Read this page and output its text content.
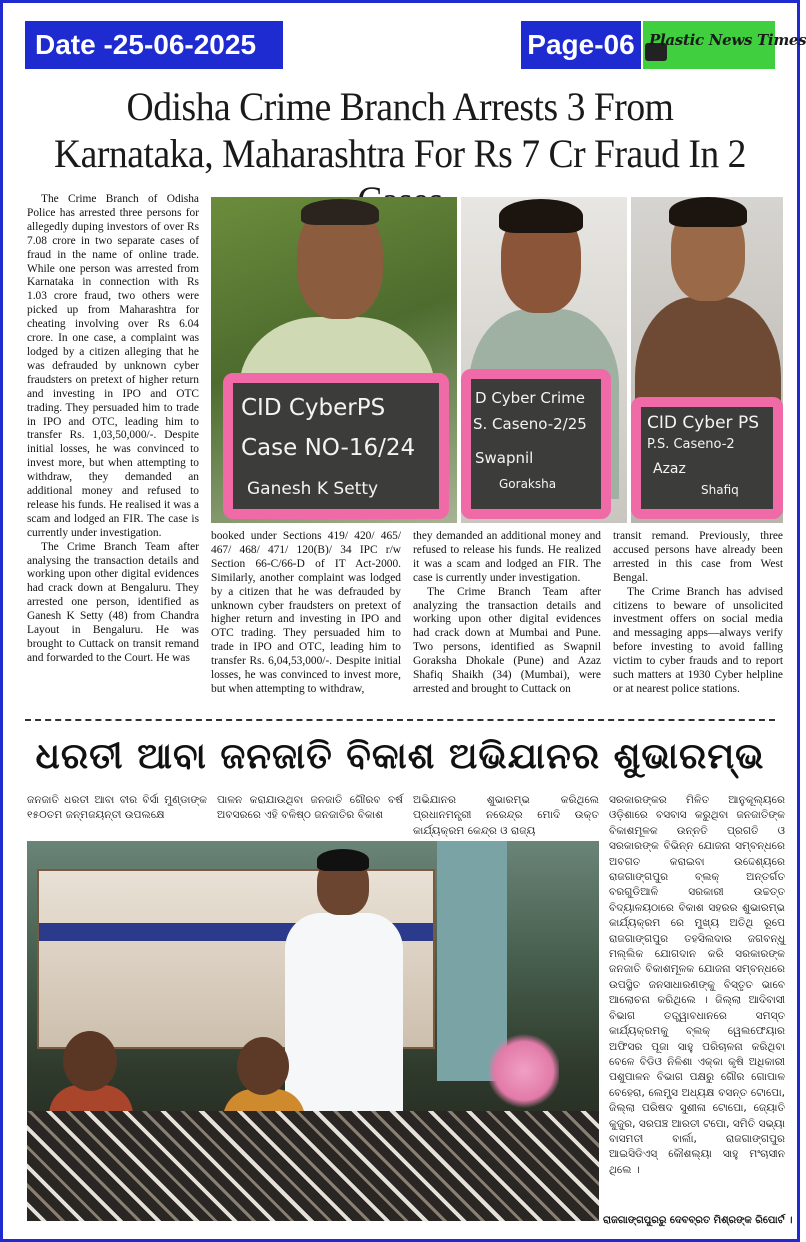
Date -25-06-2025	Page-06 Plastic News Times
Odisha Crime Branch Arrests 3 From Karnataka, Maharashtra For Rs 7 Cr Fraud In 2

The Crime Branch of Odisha Police has arrested three persons for allegedly duping investors of over Rs 7.08 crore in two separate cases of fraud in the name of online trade. While one person was arrested from Karnataka in connection with Rs 1.03 crore fraud, two others were picked up from Maharashtra for cheating involving over Rs 6.04 crore. In one case, a complaint was lodged by a citizen alleging that he was defrauded by unknown cyber fraudsters on pretext of higher return and investing in IPO and OTC trading. They persuaded him to trade in IPO and OTC, leading him to transfer Rs. 1,03,50,000/-. Despite initial losses, he was convinced to invest more, but when attempting to withdraw, they demanded an additional money and refused to release his funds. He realised it was a scam and lodged an FIR. The case is currently under investigation.

The Crime Branch Team after analysing the transaction details and working upon other digital evidences had crack down at Bengaluru. They arrested one person, identified as Ganesh K Setty (48) from Chandra Layout in Bengaluru. He was brought to Cuttack on transit remand and forwarded to the Court. He was

CID CyberPS
Case NO-16/24
Ganesh K Setty
D Cyber Crime
S. Caseno-2/25
Swapnil
Goraksha
CID Cyber PS
P.S. Caseno-2
Azaz
Shafiq

booked under Sections 419/ 420/ 465/ 467/ 468/ 471/ 120(B)/ 34 IPC r/w Section 66-C/66-D of IT Act-2000. Similarly, another complaint was lodged by a citizen that he was defrauded by unknown cyber fraudsters on pretext of higher return and investing in IPO and OTC trading. They persuaded him to trade in IPO and OTC, leading him to transfer Rs. 6,04,53,000/-. Despite initial losses, he was convinced to invest more, but when attempting to withdraw,

they demanded an additional money and refused to release his funds. He realized it was a scam and lodged an FIR. The case is currently under investigation.

The Crime Branch Team after analyzing the transaction details and working upon other digital evidences had crack down at Mumbai and Pune. Two persons, identified as Swapnil Goraksha Dhokale (Pune) and Azaz Shafiq Shaikh (34) (Mumbai), were arrested and brought to Cuttack on

transit remand. Previously, three accused persons have already been arrested in this case from West Bengal.

The Crime Branch has advised citizens to beware of unsolicited investment offers on social media and messaging apps—always verify before investing to avoid falling victim to cyber frauds and to report such matters at 1930 Cyber helpline or at nearest police stations.

ଧରତୀ ଆବା ଜନଜାତି ବିକାଶ ଅଭିଯାନର ଶୁଭାରମ୍ଭ
ଜନଜାତି ଧରତୀ ଆବା ବୀର ବିର୍ସା ମୁଣ୍ଡାଙ୍କ ୧୫୦ତମ ଜନ୍ମଜୟନ୍ତୀ ଉପଲକ୍ଷେ
ପାଳନ କରାଯାଉଥିବା ଜନଜାତି ଗୌରବ ବର୍ଷ ଅବସରରେ ଏହି ବଳିଷ୍ଠ ଜନଜାତିର ବିକାଶ
ଅଭିଯାନର ଶୁଭାରମ୍ଭ କରିଥିଲେ ପ୍ରଧାନମନ୍ତ୍ରୀ ନରେନ୍ଦ୍ର ମୋଦି ଉକ୍ତ କାର୍ଯ୍ୟକ୍ରମ କେନ୍ଦ୍ର ଓ ରାଜ୍ୟ
ସରକାରଙ୍କର ମିଳିତ ଆନୁକୂଲ୍ୟରେ ଓଡ଼ିଶାରେ ବସବାସ କରୁଥିବା ଜନଜାତିଙ୍କ ବିକାଶମୂଳକ ଉନ୍ନତି ପ୍ରଗତି ଓ ସରକାରଙ୍କ ବିଭିନ୍ନ ଯୋଜନା ସମ୍ବନ୍ଧରେ ଅବଗତ କରାଇବା ଉଦ୍ଦେଶ୍ୟରେ ରାଜଗାଙ୍ଗପୁର ବ୍ଲକ୍ ଅନ୍ତର୍ଗତ ବରଗୁଡିଆଳି ସରକାରୀ ଉଚ୍ଚତ୍ତ ବିଦ୍ୟାଳୟଠାରେ ବିକାଶ ସହରର ଶୁଭାରମ୍ଭ କାର୍ଯ୍ୟକ୍ରମ ରେ ମୁଖ୍ୟ ଅତିଥି ରୂପେ ରାଜଗାଙ୍ଗପୁର ତହସିଲଦାର ଜଗବନ୍ଧୁ ମଲ୍ଲିକ ଯୋଗଦାନ କରି ସରକାରଙ୍କ ଜନଜାତି ବିକାଶମୂଳକ ଯୋଜନା ସମ୍ବନ୍ଧରେ ଉପସ୍ଥିତ ଜନସାଧାରଣଙ୍କୁ ବିସ୍ତୃତ ଭାବେ ଆଲୋଚନା କରିଥିଲେ । ଜିଲ୍ଲା ଆଦିବାସୀ ବିଭାଗ ତତ୍ତ୍ୱାବଧାନରେ ସମସ୍ତ କାର୍ଯ୍ୟକ୍ରମକୁ ବ୍ଲକ୍ ୱେଲଫେୟାର ଅଫିସର ପୂଜା ସାହୁ ପରିଚାଳନା କରିଥିବା ବେଳେ ବିଡିଓ ନିଳିଶା ଏକ୍କା କୃଷି ଅଧିକାରୀ ପଶୁପାଳନ ବିଭାଗ ପକ୍ଷରୁ ଗୌର ଗୋପାଳ ବେହେରା, ଲେମ୍ପ୍ସ ଅଧ୍ୟକ୍ଷ ବସନ୍ତ ଟୋପୋ, ଜିଲ୍ଲା ପରିଷଦ ସୁଶୀଳା ଟୋପୋ, ଜ୍ୟୋତି କୁଜୁର, ସରପଞ୍ଚ ଆରତୀ ଟପୋ, ସମିତି ସଭ୍ୟା ବାସମତୀ ବାର୍ଲା, ରାଜଗାଙ୍ଗପୁର ଆଇସିଡିଏସ୍ କୌଶଲ୍ୟା ସାହୁ ମଂଚାସୀନ ଥିଲେ ।
ରାଜଗାଙ୍ଗପୁରରୁ ଦେବବ୍ରତ ମିଶ୍ରଙ୍କ ରିପୋର୍ଟ ।
